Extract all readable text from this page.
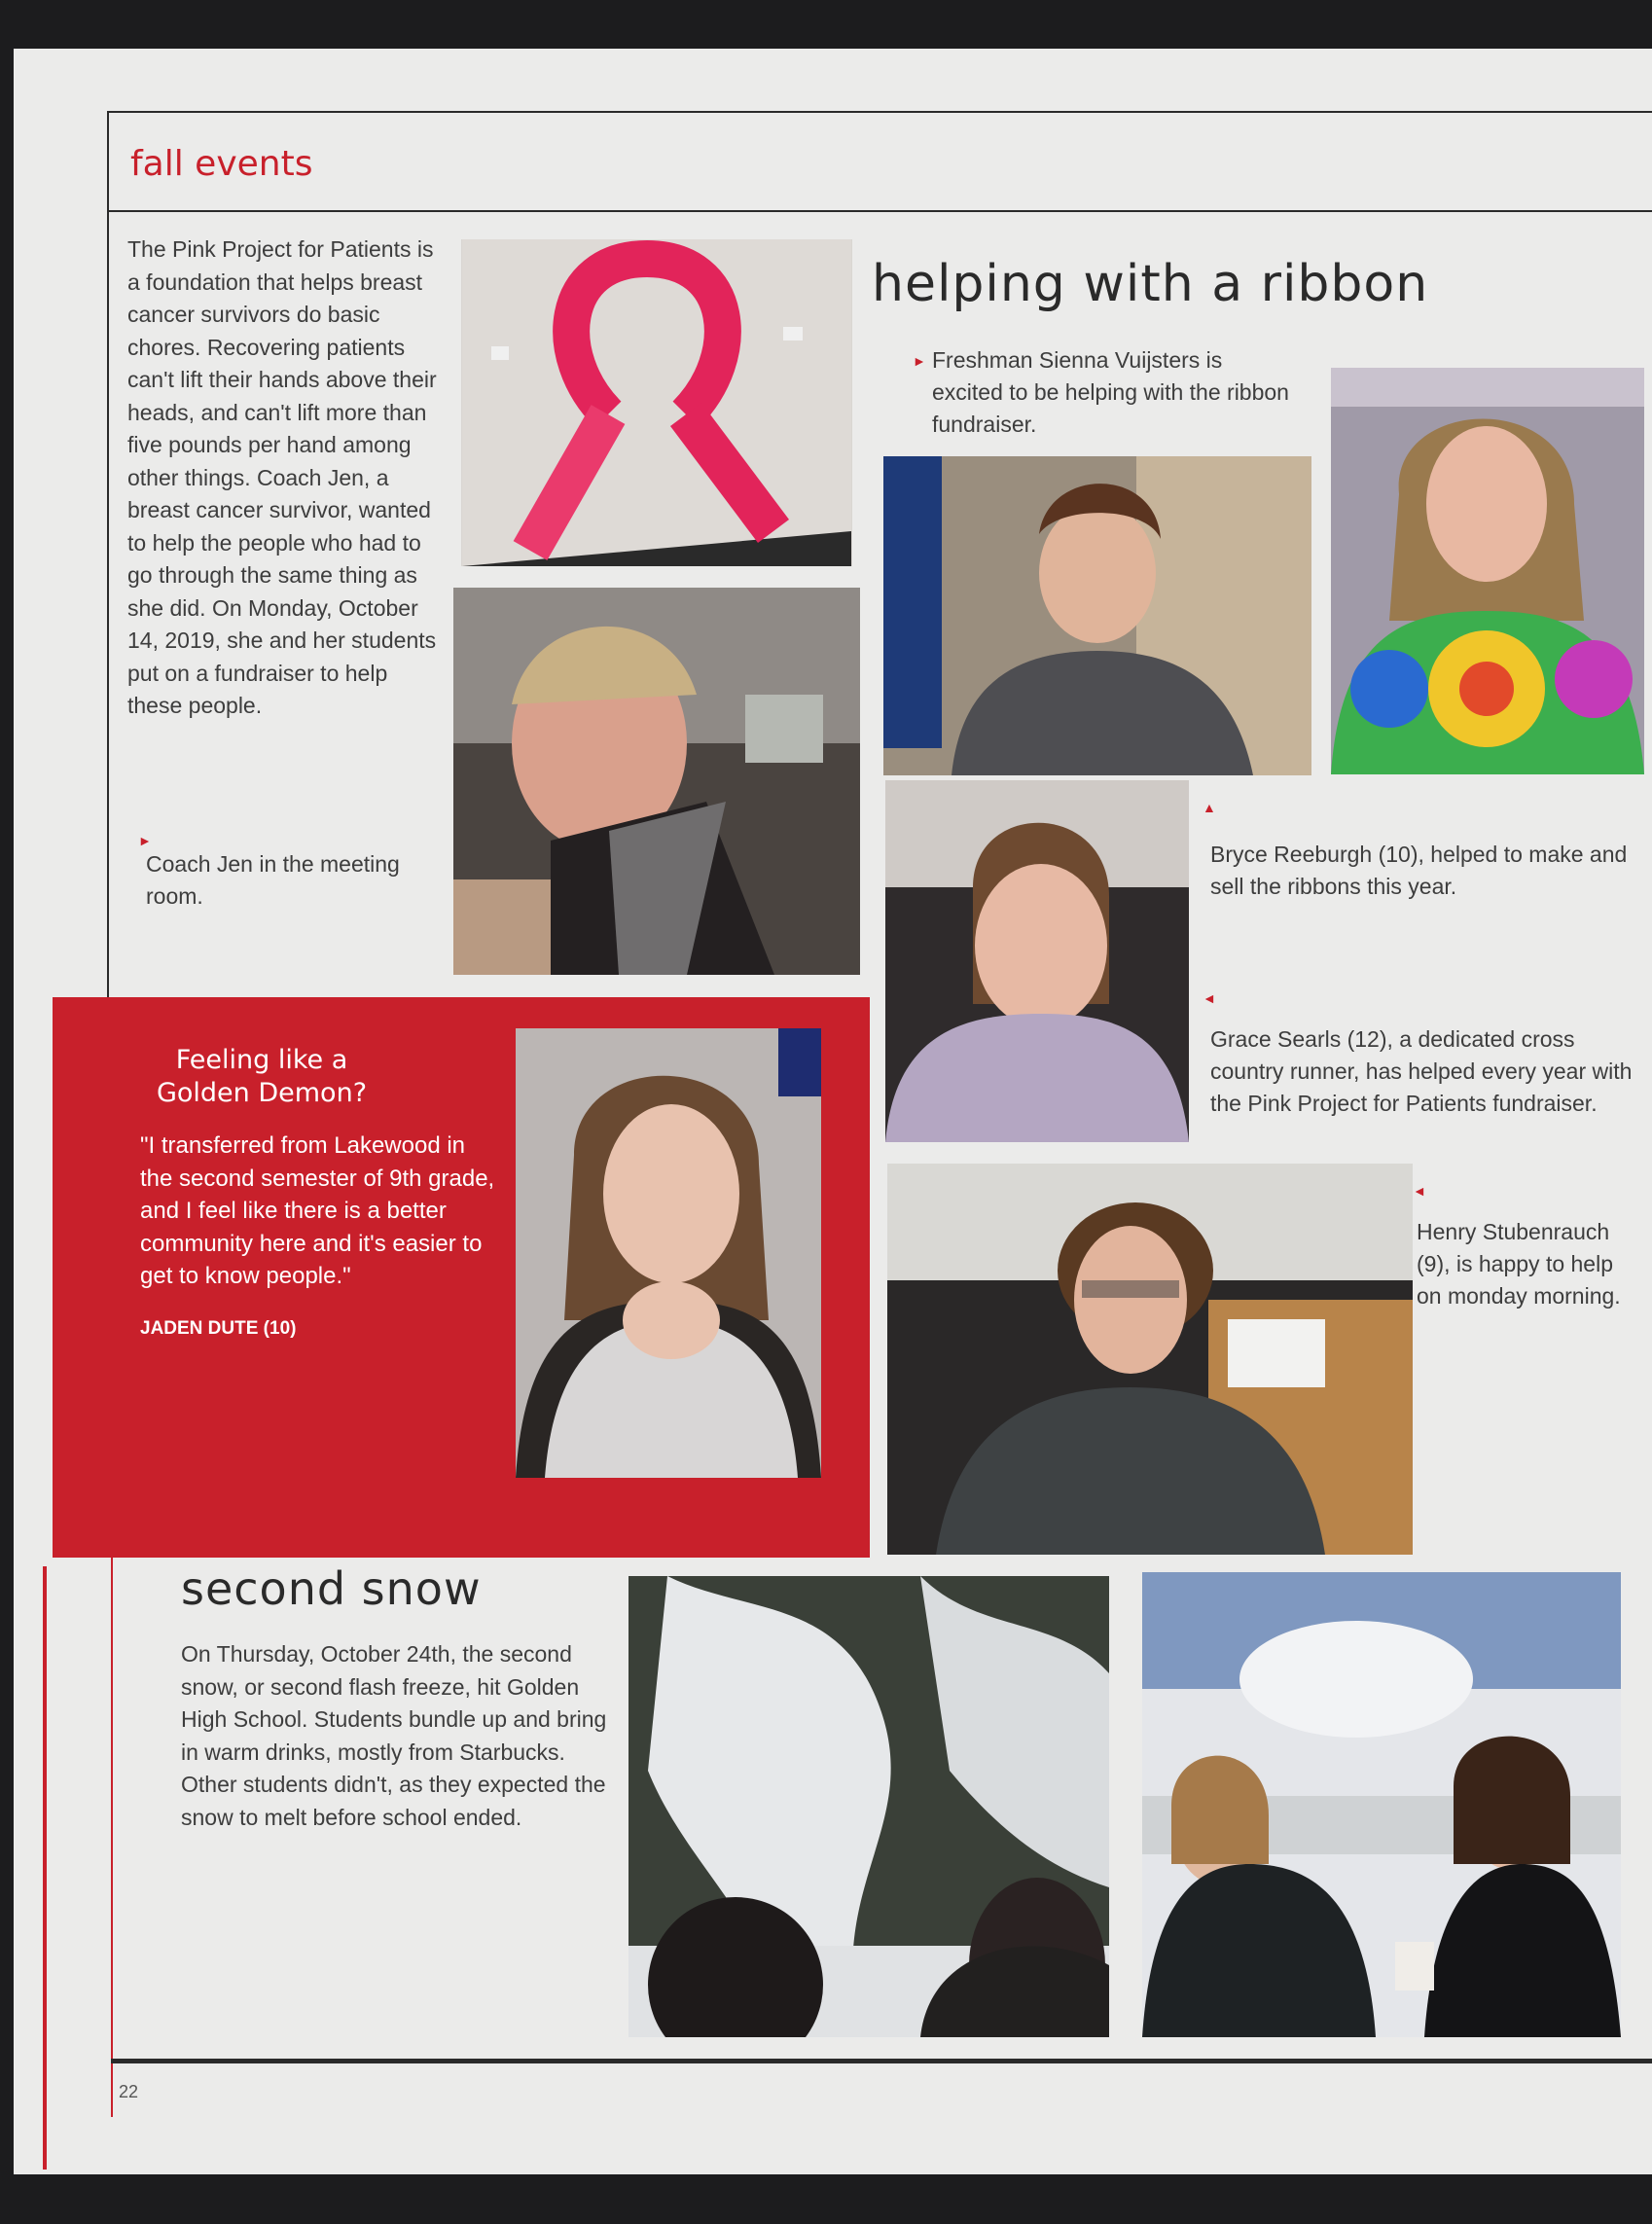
fall events
The Pink Project for Patients is a foundation that helps breast cancer survivors do basic chores. Recovering patients can't lift their hands above their heads, and can't lift more than five pounds per hand among other things. Coach Jen, a breast cancer survivor, wanted to help the people who had to go through the same thing as she did. On Monday, October 14, 2019, she and her students put on a fundraiser to help these people.
►
Coach Jen in the meeting room.
helping with a ribbon
► Freshman Sienna Vuijsters is excited to be helping with the ribbon fundraiser.
▲
Bryce Reeburgh (10), helped to make and sell the ribbons this year.
◄
Grace Searls (12), a dedicated cross country runner, has helped every year with the Pink Project for Patients fundraiser.
◄
Henry Stubenrauch (9), is happy to help on monday morning.
Feeling like a Golden Demon?
"I transferred from Lakewood in the second semester of 9th grade, and I feel like there is a better community here and it's easier to get to know people."
JADEN DUTE (10)
second snow
On Thursday, October 24th, the second snow, or second flash freeze, hit Golden High School. Students bundle up and bring in warm drinks, mostly from Starbucks. Other students didn't, as they expected the snow to melt before school ended.
22
